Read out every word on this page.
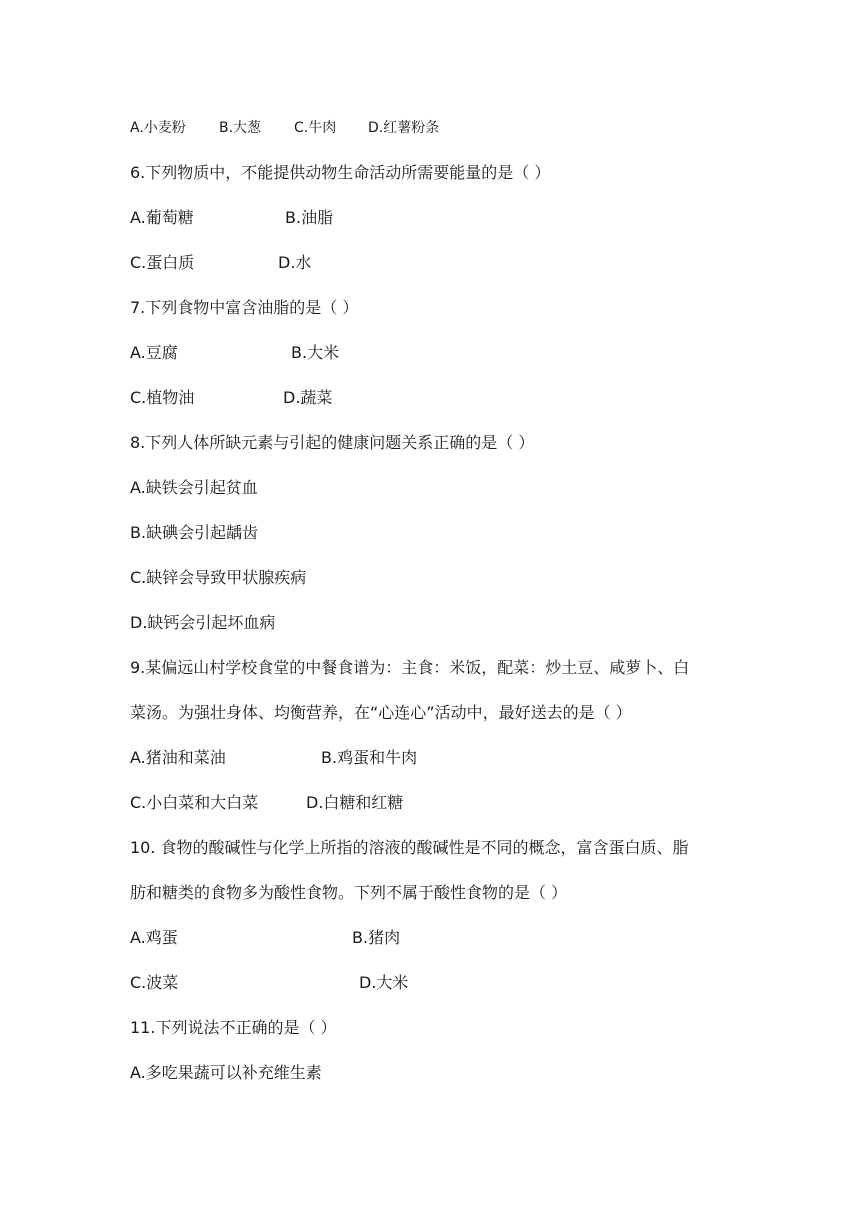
A.小麦粉 B.大葱 C.牛肉 D.红薯粉条
6.下列物质中，不能提供动物生命活动所需要能量的是（ ）
A.葡萄糖	B.油脂
C.蛋白质	D.水
7.下列食物中富含油脂的是（ ）
A.豆腐	B.大米
C.植物油	D.蔬菜
8.下列人体所缺元素与引起的健康问题关系正确的是（ ）
A.缺铁会引起贫血
B.缺碘会引起龋齿
C.缺锌会导致甲状腺疾病
D.缺钙会引起坏血病
9.某偏远山村学校食堂的中餐食谱为：主食：米饭，配菜：炒土豆、咸萝卜、白
菜汤。为强壮身体、均衡营养，在“心连心”活动中，最好送去的是（ ）
A.猪油和菜油	B.鸡蛋和牛肉
C.小白菜和大白菜	D.白糖和红糖
10. 食物的酸碱性与化学上所指的溶液的酸碱性是不同的概念，富含蛋白质、脂
肪和糖类的食物多为酸性食物。下列不属于酸性食物的是（ ）
A.鸡蛋	B.猪肉
C.波菜	D.大米
11.下列说法不正确的是（ ）
A.多吃果蔬可以补充维生素
